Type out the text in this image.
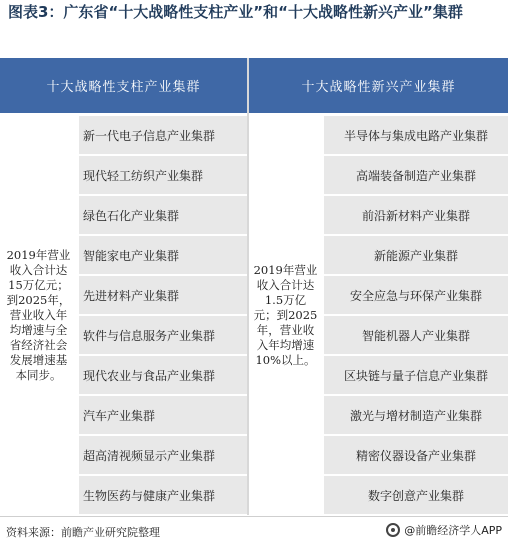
图表3：广东省“十大战略性支柱产业”和“十大战略性新兴产业”集群
十大战略性支柱产业集群	十大战略性新兴产业集群
2019年营业
收入合计达
15万亿元；
到2025年，
营业收入年
均增速与全
省经济社会
发展增速基
本同步。
2019年营业
收入合计达
1.5万亿
元；到2025
年，营业收
入年均增速
10%以上。
新一代电子信息产业集群
现代轻工纺织产业集群
绿色石化产业集群
智能家电产业集群
先进材料产业集群
软件与信息服务产业集群
现代农业与食品产业集群
汽车产业集群
超高清视频显示产业集群
生物医药与健康产业集群
半导体与集成电路产业集群
高端装备制造产业集群
前沿新材料产业集群
新能源产业集群
安全应急与环保产业集群
智能机器人产业集群
区块链与量子信息产业集群
激光与增材制造产业集群
精密仪器设备产业集群
数字创意产业集群
资料来源：前瞻产业研究院整理	@前瞻经济学人APP
